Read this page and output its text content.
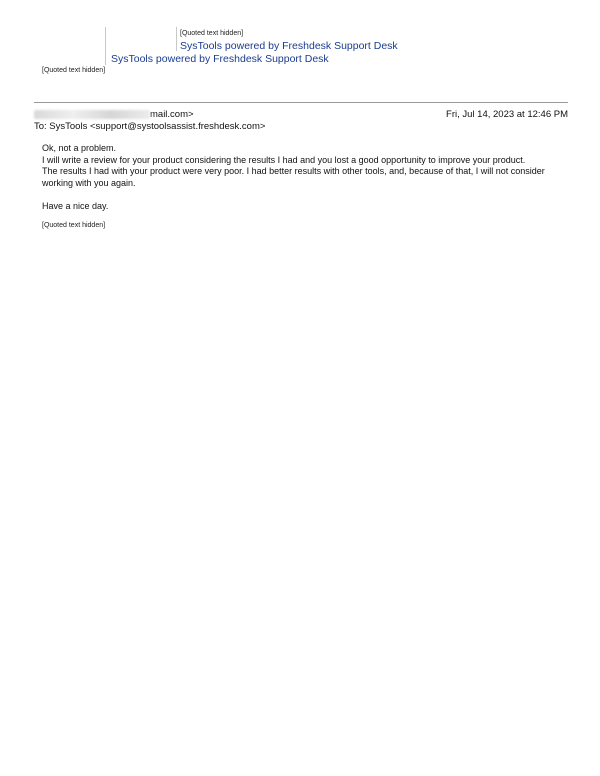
[Quoted text hidden]
SysTools powered by Freshdesk Support Desk
SysTools powered by Freshdesk Support Desk
[Quoted text hidden]
mail.com>	Fri, Jul 14, 2023 at 12:46 PM
To: SysTools <support@systoolsassist.freshdesk.com>

Ok, not a problem.

I will write a review for your product considering the results I had and you lost a good opportunity to improve your product.

The results I had with your product were very poor. I had better results with other tools, and, because of that, I will not consider working with you again.

Have a nice day.

[Quoted text hidden]
